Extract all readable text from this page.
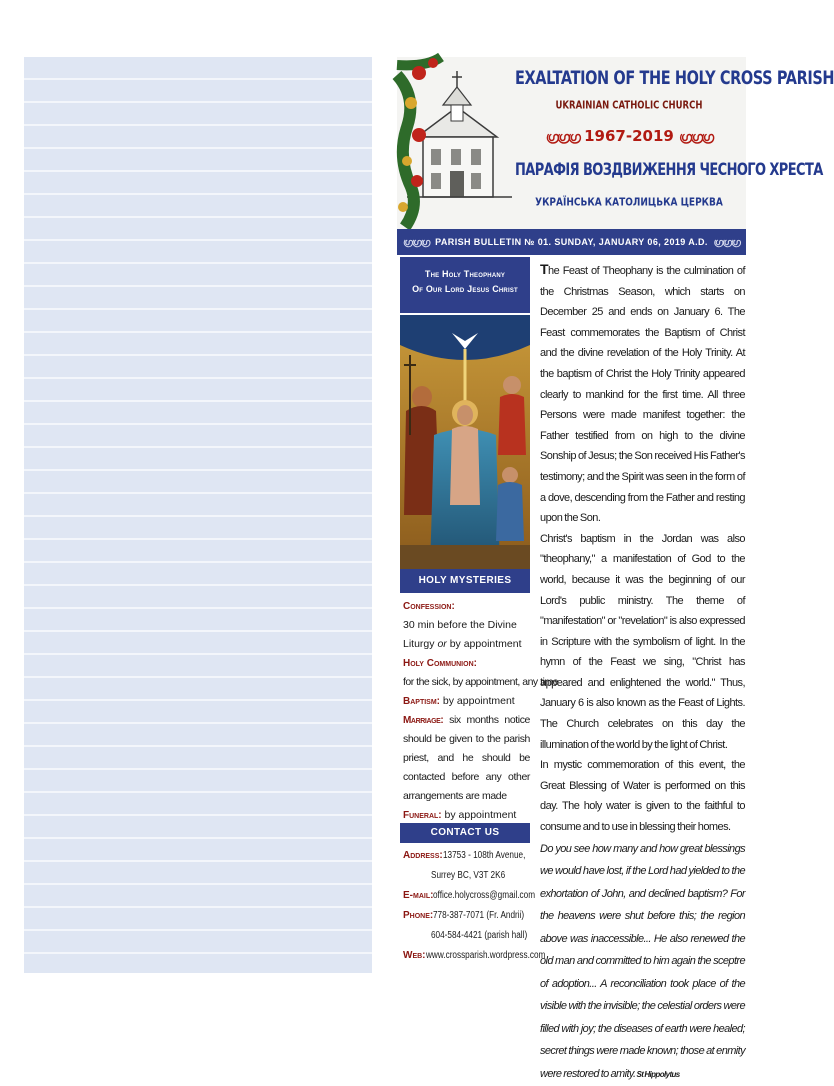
EXALTATION OF THE HOLY CROSS PARISH
UKRAINIAN CATHOLIC CHURCH
ഗ്രഗ്രഗ്ര 1967-2019 ഗ്രഗ്രഗ്ര
ПАРАФІЯ ВОЗДВИЖЕННЯ ЧЕСНОГО ХРЕСТА
УКРАЇНСЬКА КАТОЛИЦЬКА ЦЕРКВА
ഗ്രഗ്രഗ്ര PARISH BULLETIN № 01. SUNDAY, JANUARY 06, 2019 A.D. ഗ്രഗ്രഗ്ര
The Holy Theophany
Of Our Lord Jesus Christ
HOLY MYSTERIES
Confession:
30 min before the Divine Liturgy or by appointment
Holy Communion:
for the sick, by appointment, any time
Baptism: by appointment
Marriage: six months notice should be given to the parish priest, and he should be contacted before any other arrangements are made
Funeral: by appointment
CONTACT US
Address:13753 - 108th Avenue,
Surrey BC, V3T 2K6
E-mail:office.holycross@gmail.com
Phone:778-387-7071 (Fr. Andrii)
604-584-4421 (parish hall)
Web:www.crossparish.wordpress.com
The Feast of Theophany is the culmination of the Christmas Season, which starts on December 25 and ends on January 6. The Feast commemorates the Baptism of Christ and the divine revelation of the Holy Trinity. At the baptism of Christ the Holy Trinity appeared clearly to mankind for the first time. All three Persons were made manifest together: the Father testified from on high to the divine Sonship of Jesus; the Son received His Father's testimony; and the Spirit was seen in the form of a dove, descending from the Father and resting upon the Son.
Christ's baptism in the Jordan was also "theophany," a manifestation of God to the world, because it was the beginning of our Lord's public ministry. The theme of "manifestation" or "revelation" is also expressed in Scripture with the symbolism of light. In the hymn of the Feast we sing, "Christ has appeared and enlightened the world." Thus, January 6 is also known as the Feast of Lights. The Church celebrates on this day the illumination of the world by the light of Christ.
In mystic commemoration of this event, the Great Blessing of Water is performed on this day. The holy water is given to the faithful to consume and to use in blessing their homes.
Do you see how many and how great blessings we would have lost, if the Lord had yielded to the exhortation of John, and declined baptism? For the heavens were shut before this; the region above was inaccessible... He also renewed the old man and committed to him again the sceptre of adoption... A reconciliation took place of the visible with the invisible; the celestial orders were filled with joy; the diseases of earth were healed; secret things were made known; those at enmity were restored to amity. St Hippolytus
